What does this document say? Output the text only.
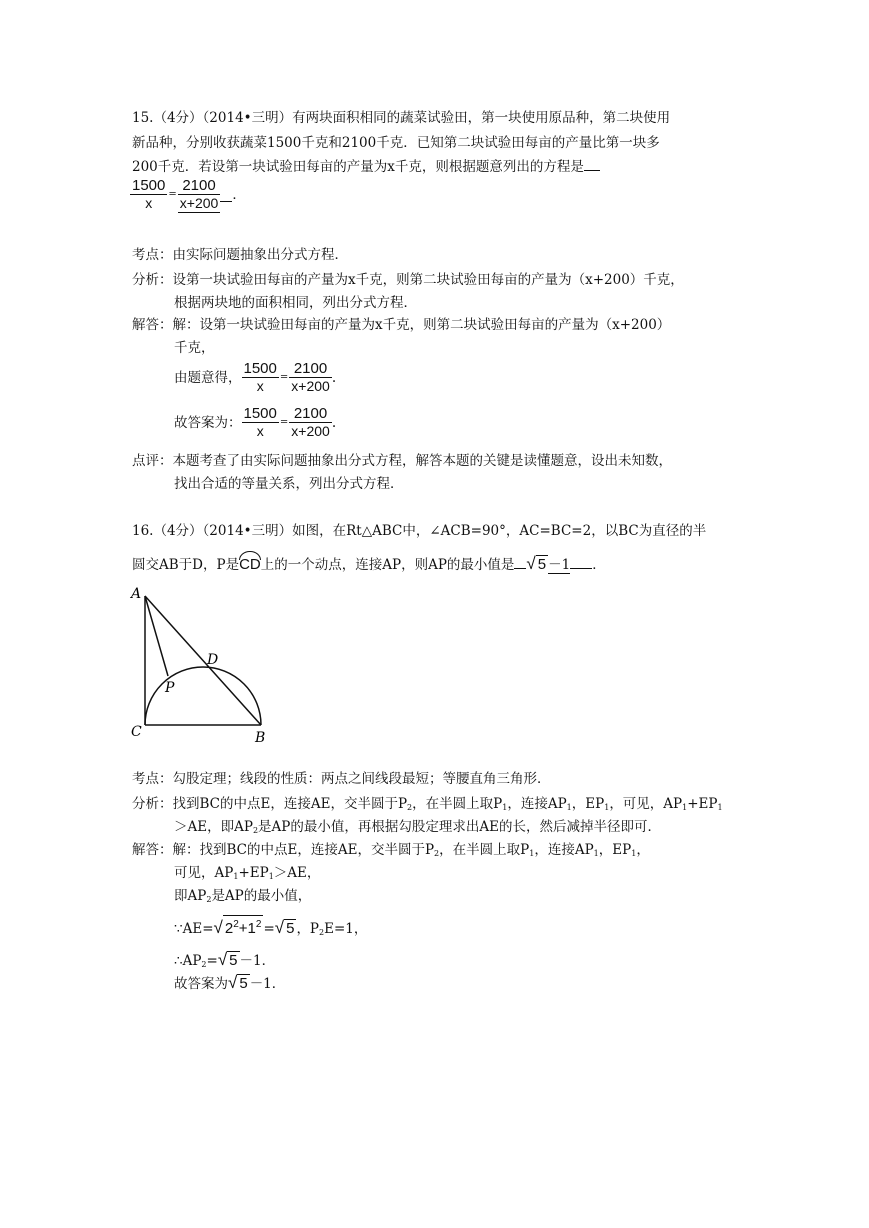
15.（4分）（2014•三明）有两块面积相同的蔬菜试验田，第一块使用原品种，第二块使用
新品种，分别收获蔬菜1500千克和2100千克．已知第二块试验田每亩的产量比第一块多
200千克．若设第一块试验田每亩的产量为x千克，则根据题意列出的方程是
$\frac{1500}{x} = \frac{2100}{x+200}$ ．
考点：由实际问题抽象出分式方程．
分析：设第一块试验田每亩的产量为x千克，则第二块试验田每亩的产量为（x+200）千克，
根据两块地的面积相同，列出分式方程．
解答：解：设第一块试验田每亩的产量为x千克，则第二块试验田每亩的产量为（x+200）
千克，
由题意得， $\frac{1500}{x} = \frac{2100}{x+200}$ .
故答案为： $\frac{1500}{x} = \frac{2100}{x+200}$ .
点评：本题考查了由实际问题抽象出分式方程，解答本题的关键是读懂题意，设出未知数，
找出合适的等量关系，列出分式方程．
16.（4分）（2014•三明）如图，在Rt△ABC中，∠ACB=90°，AC=BC=2，以BC为直径的半
圆交AB于D，P是CD上的一个动点，连接AP，则AP的最小值是 √ 5 －1 ．
A
C	B
D
P
考点：勾股定理；线段的性质：两点之间线段最短；等腰直角三角形．
分析：找到BC的中点E，连接AE，交半圆于$P_2$，在半圆上取$P_1$，连接$AP_1$，$EP_1$，可见，$AP_1+EP_1$
＞AE，即$AP_2$是AP的最小值，再根据勾股定理求出AE的长，然后减掉半径即可．
解答：解：找到BC的中点E，连接AE，交半圆于$P_2$，在半圆上取$P_1$，连接$AP_1$，$EP_1$，
可见，$AP_1+EP_1>AE$，
即$AP_2$是AP的最小值，
∵AE=√ $2^2+1^2$ =√ 5 ，$P_2E=1$，
$\therefore AP_2=√$ 5 －1．
故答案为√ 5 －1．
